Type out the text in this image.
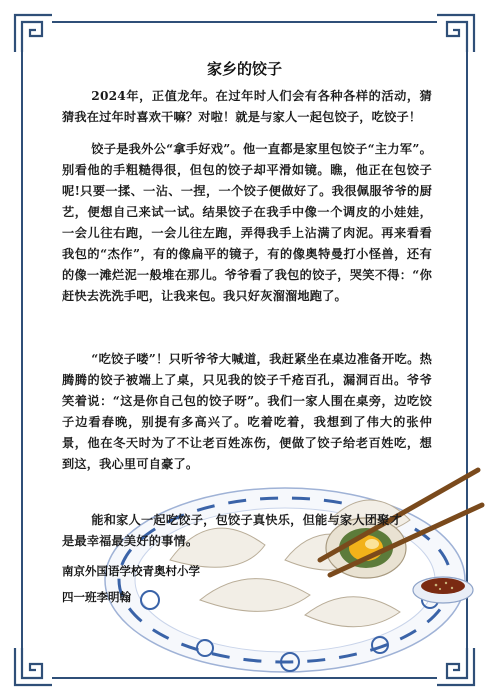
家乡的饺子

2024年，正值龙年。在过年时人们会有各种各样的活动，猜猜我在过年时喜欢干嘛？对啦！就是与家人一起包饺子，吃饺子！

饺子是我外公“拿手好戏”。他一直都是家里包饺子“主力军”。别看他的手粗糙得很，但包的饺子却平滑如镜。瞧，他正在包饺子呢!只要一揉、一沾、一捏，一个饺子便做好了。我很佩服爷爷的厨艺，便想自己来试一试。结果饺子在我手中像一个调皮的小娃娃，一会儿往右跑，一会儿往左跑，弄得我手上沾满了肉泥。再来看看我包的“杰作”，有的像扁平的镜子，有的像奥特曼打小怪兽，还有的像一滩烂泥一般堆在那儿。爷爷看了我包的饺子，哭笑不得：“你赶快去洗洗手吧，让我来包。我只好灰溜溜地跑了。

“吃饺子喽”！只听爷爷大喊道，我赶紧坐在桌边准备开吃。热腾腾的饺子被端上了桌，只见我的饺子千疮百孔，漏洞百出。爷爷笑着说：“这是你自己包的饺子呀”。我们一家人围在桌旁，边吃饺子边看春晚，别提有多高兴了。吃着吃着，我想到了伟大的张仲景，他在冬天时为了不让老百姓冻伤，便做了饺子给老百姓吃，想到这，我心里可自豪了。

能和家人一起吃饺子，包饺子真快乐，但能与家人团聚才是最幸福最美好的事情。

南京外国语学校青奥村小学
四一班李明翰
